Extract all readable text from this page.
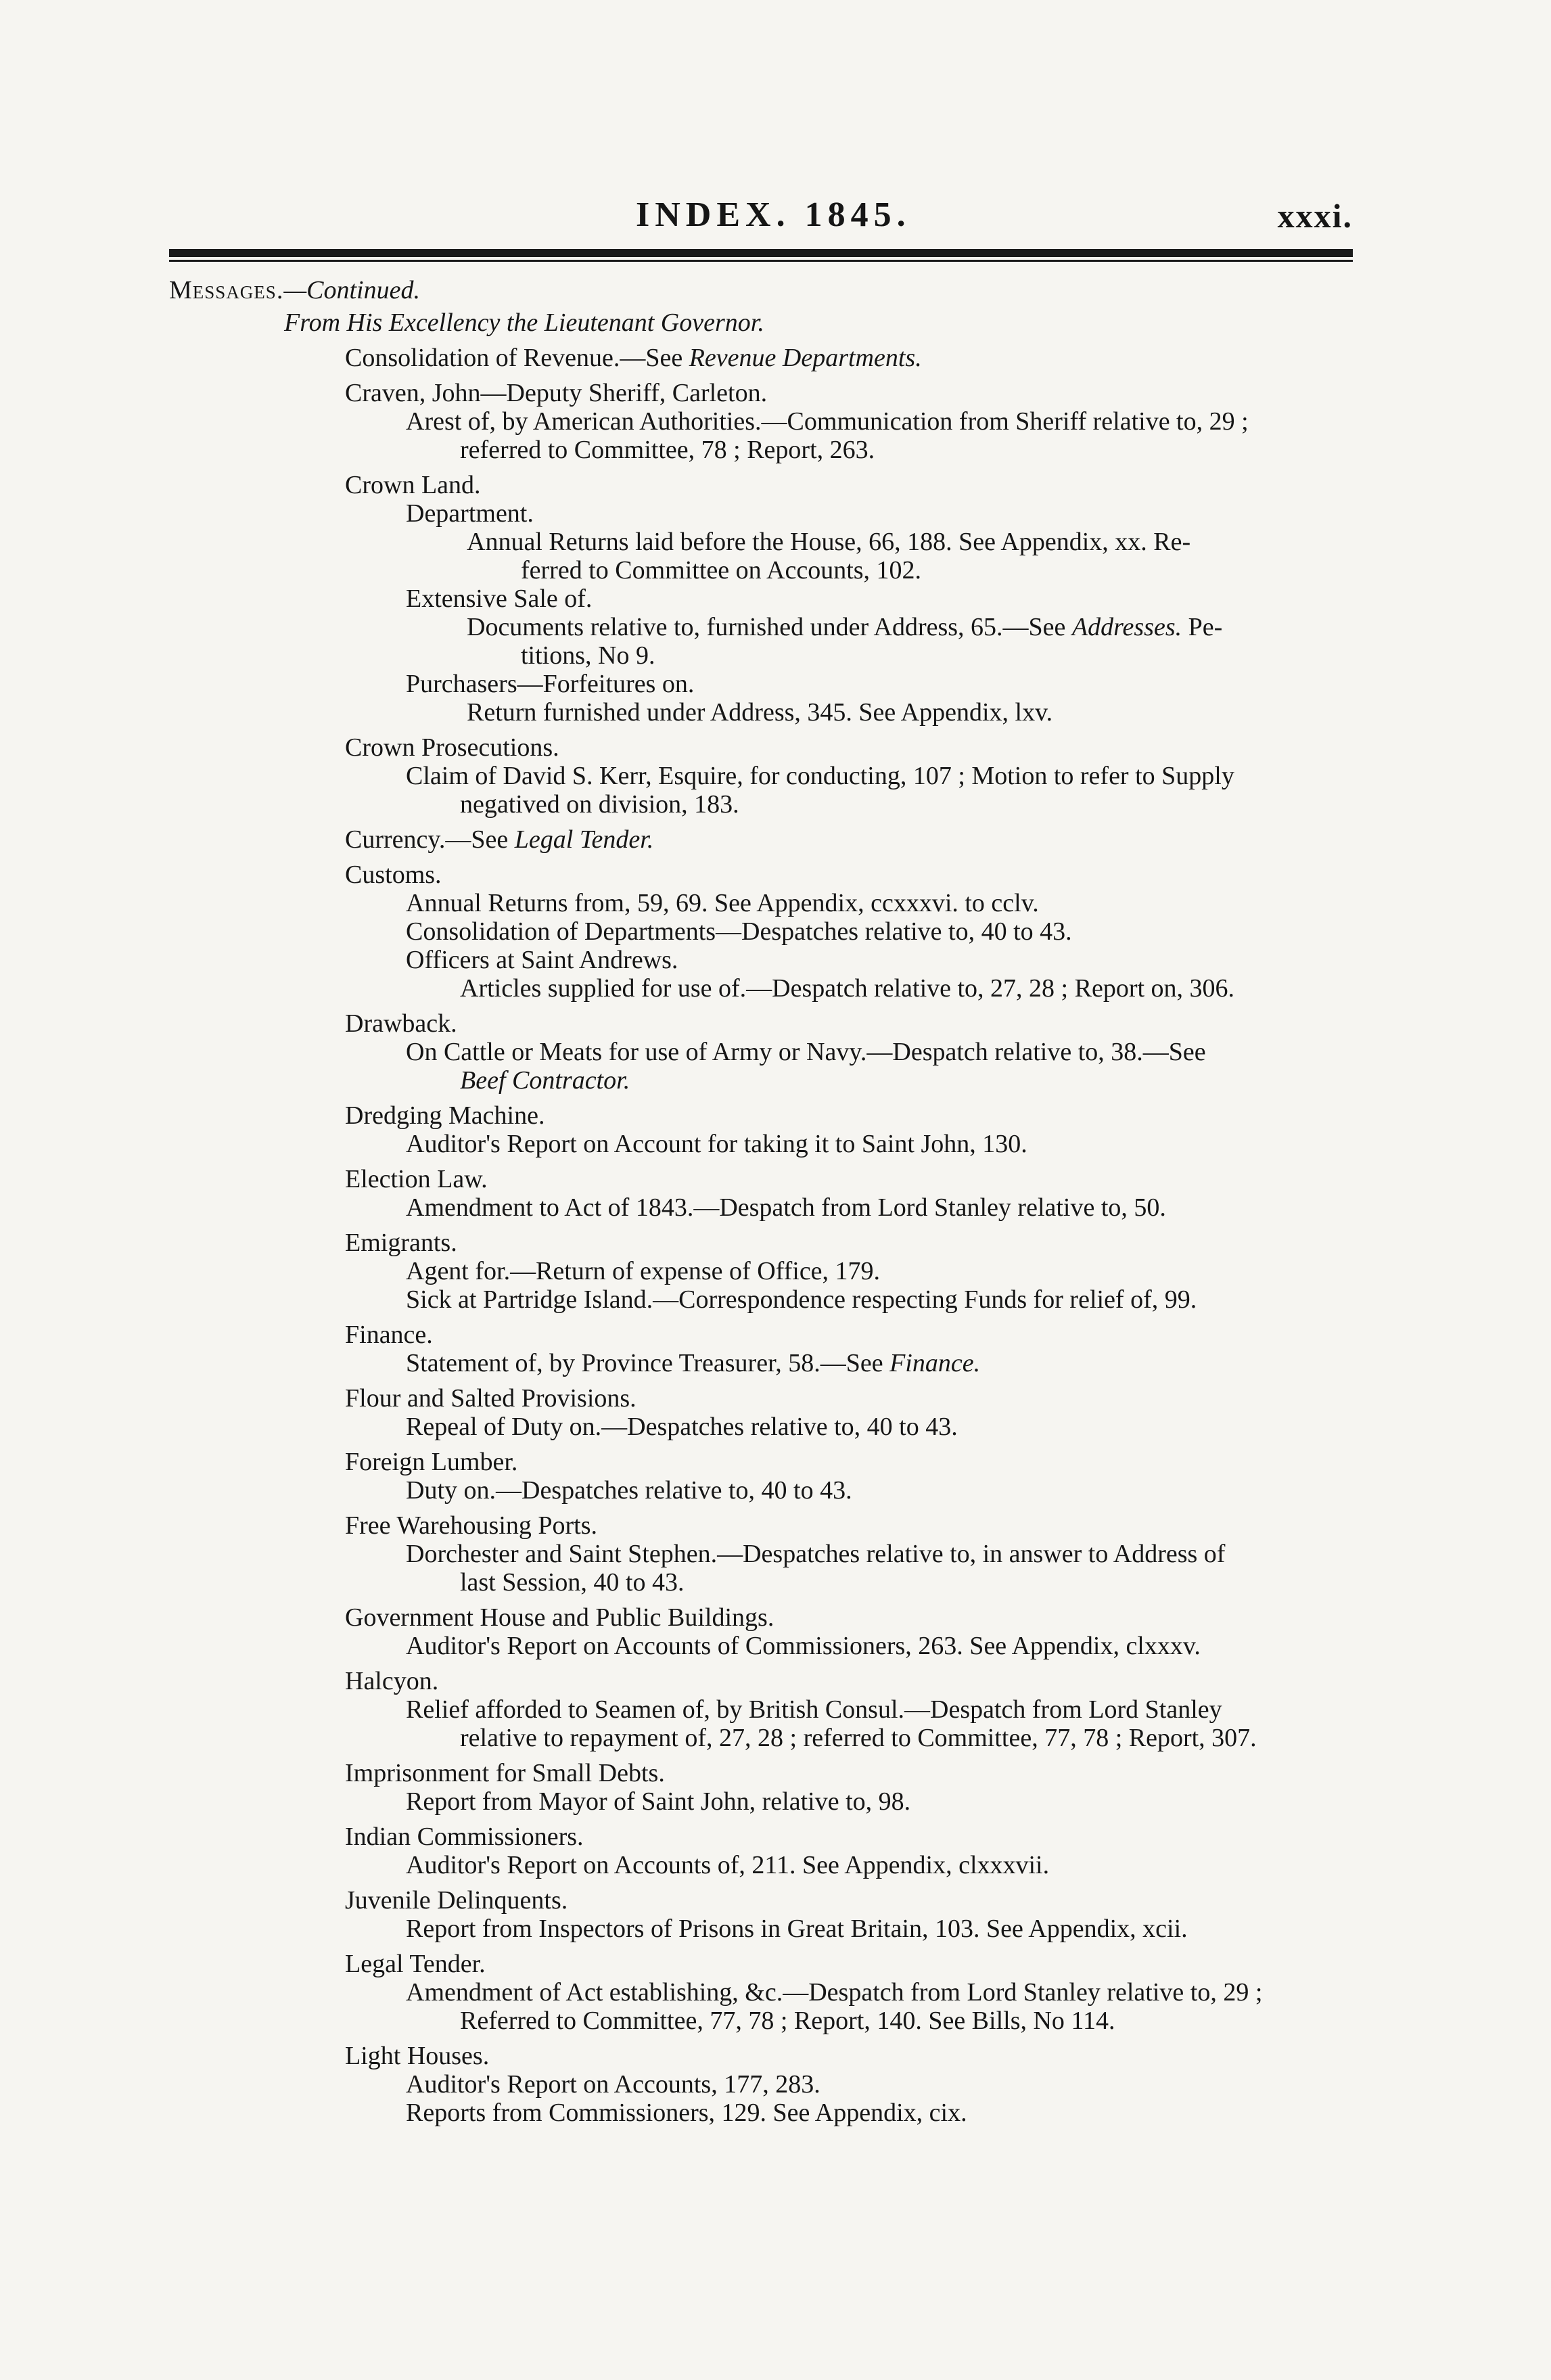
INDEX. 1845.	xxxi.
Messages.—Continued.
From His Excellency the Lieutenant Governor.
Consolidation of Revenue.—See Revenue Departments.
Craven, John—Deputy Sheriff, Carleton.
Arest of, by American Authorities.—Communication from Sheriff relative to, 29 ;
referred to Committee, 78 ; Report, 263.
Crown Land.
Department.
Annual Returns laid before the House, 66, 188. See Appendix, xx. Re-
ferred to Committee on Accounts, 102.
Extensive Sale of.
Documents relative to, furnished under Address, 65.—See Addresses. Pe-
titions, No 9.
Purchasers—Forfeitures on.
Return furnished under Address, 345. See Appendix, lxv.
Crown Prosecutions.
Claim of David S. Kerr, Esquire, for conducting, 107 ; Motion to refer to Supply
negatived on division, 183.
Currency.—See Legal Tender.
Customs.
Annual Returns from, 59, 69. See Appendix, ccxxxvi. to cclv.
Consolidation of Departments—Despatches relative to, 40 to 43.
Officers at Saint Andrews.
Articles supplied for use of.—Despatch relative to, 27, 28 ; Report on, 306.
Drawback.
On Cattle or Meats for use of Army or Navy.—Despatch relative to, 38.—See
Beef Contractor.
Dredging Machine.
Auditor's Report on Account for taking it to Saint John, 130.
Election Law.
Amendment to Act of 1843.—Despatch from Lord Stanley relative to, 50.
Emigrants.
Agent for.—Return of expense of Office, 179.
Sick at Partridge Island.—Correspondence respecting Funds for relief of, 99.
Finance.
Statement of, by Province Treasurer, 58.—See Finance.
Flour and Salted Provisions.
Repeal of Duty on.—Despatches relative to, 40 to 43.
Foreign Lumber.
Duty on.—Despatches relative to, 40 to 43.
Free Warehousing Ports.
Dorchester and Saint Stephen.—Despatches relative to, in answer to Address of
last Session, 40 to 43.
Government House and Public Buildings.
Auditor's Report on Accounts of Commissioners, 263. See Appendix, clxxxv.
Halcyon.
Relief afforded to Seamen of, by British Consul.—Despatch from Lord Stanley
relative to repayment of, 27, 28 ; referred to Committee, 77, 78 ; Report, 307.
Imprisonment for Small Debts.
Report from Mayor of Saint John, relative to, 98.
Indian Commissioners.
Auditor's Report on Accounts of, 211. See Appendix, clxxxvii.
Juvenile Delinquents.
Report from Inspectors of Prisons in Great Britain, 103. See Appendix, xcii.
Legal Tender.
Amendment of Act establishing, &c.—Despatch from Lord Stanley relative to, 29 ;
Referred to Committee, 77, 78 ; Report, 140. See Bills, No 114.
Light Houses.
Auditor's Report on Accounts, 177, 283.
Reports from Commissioners, 129. See Appendix, cix.
